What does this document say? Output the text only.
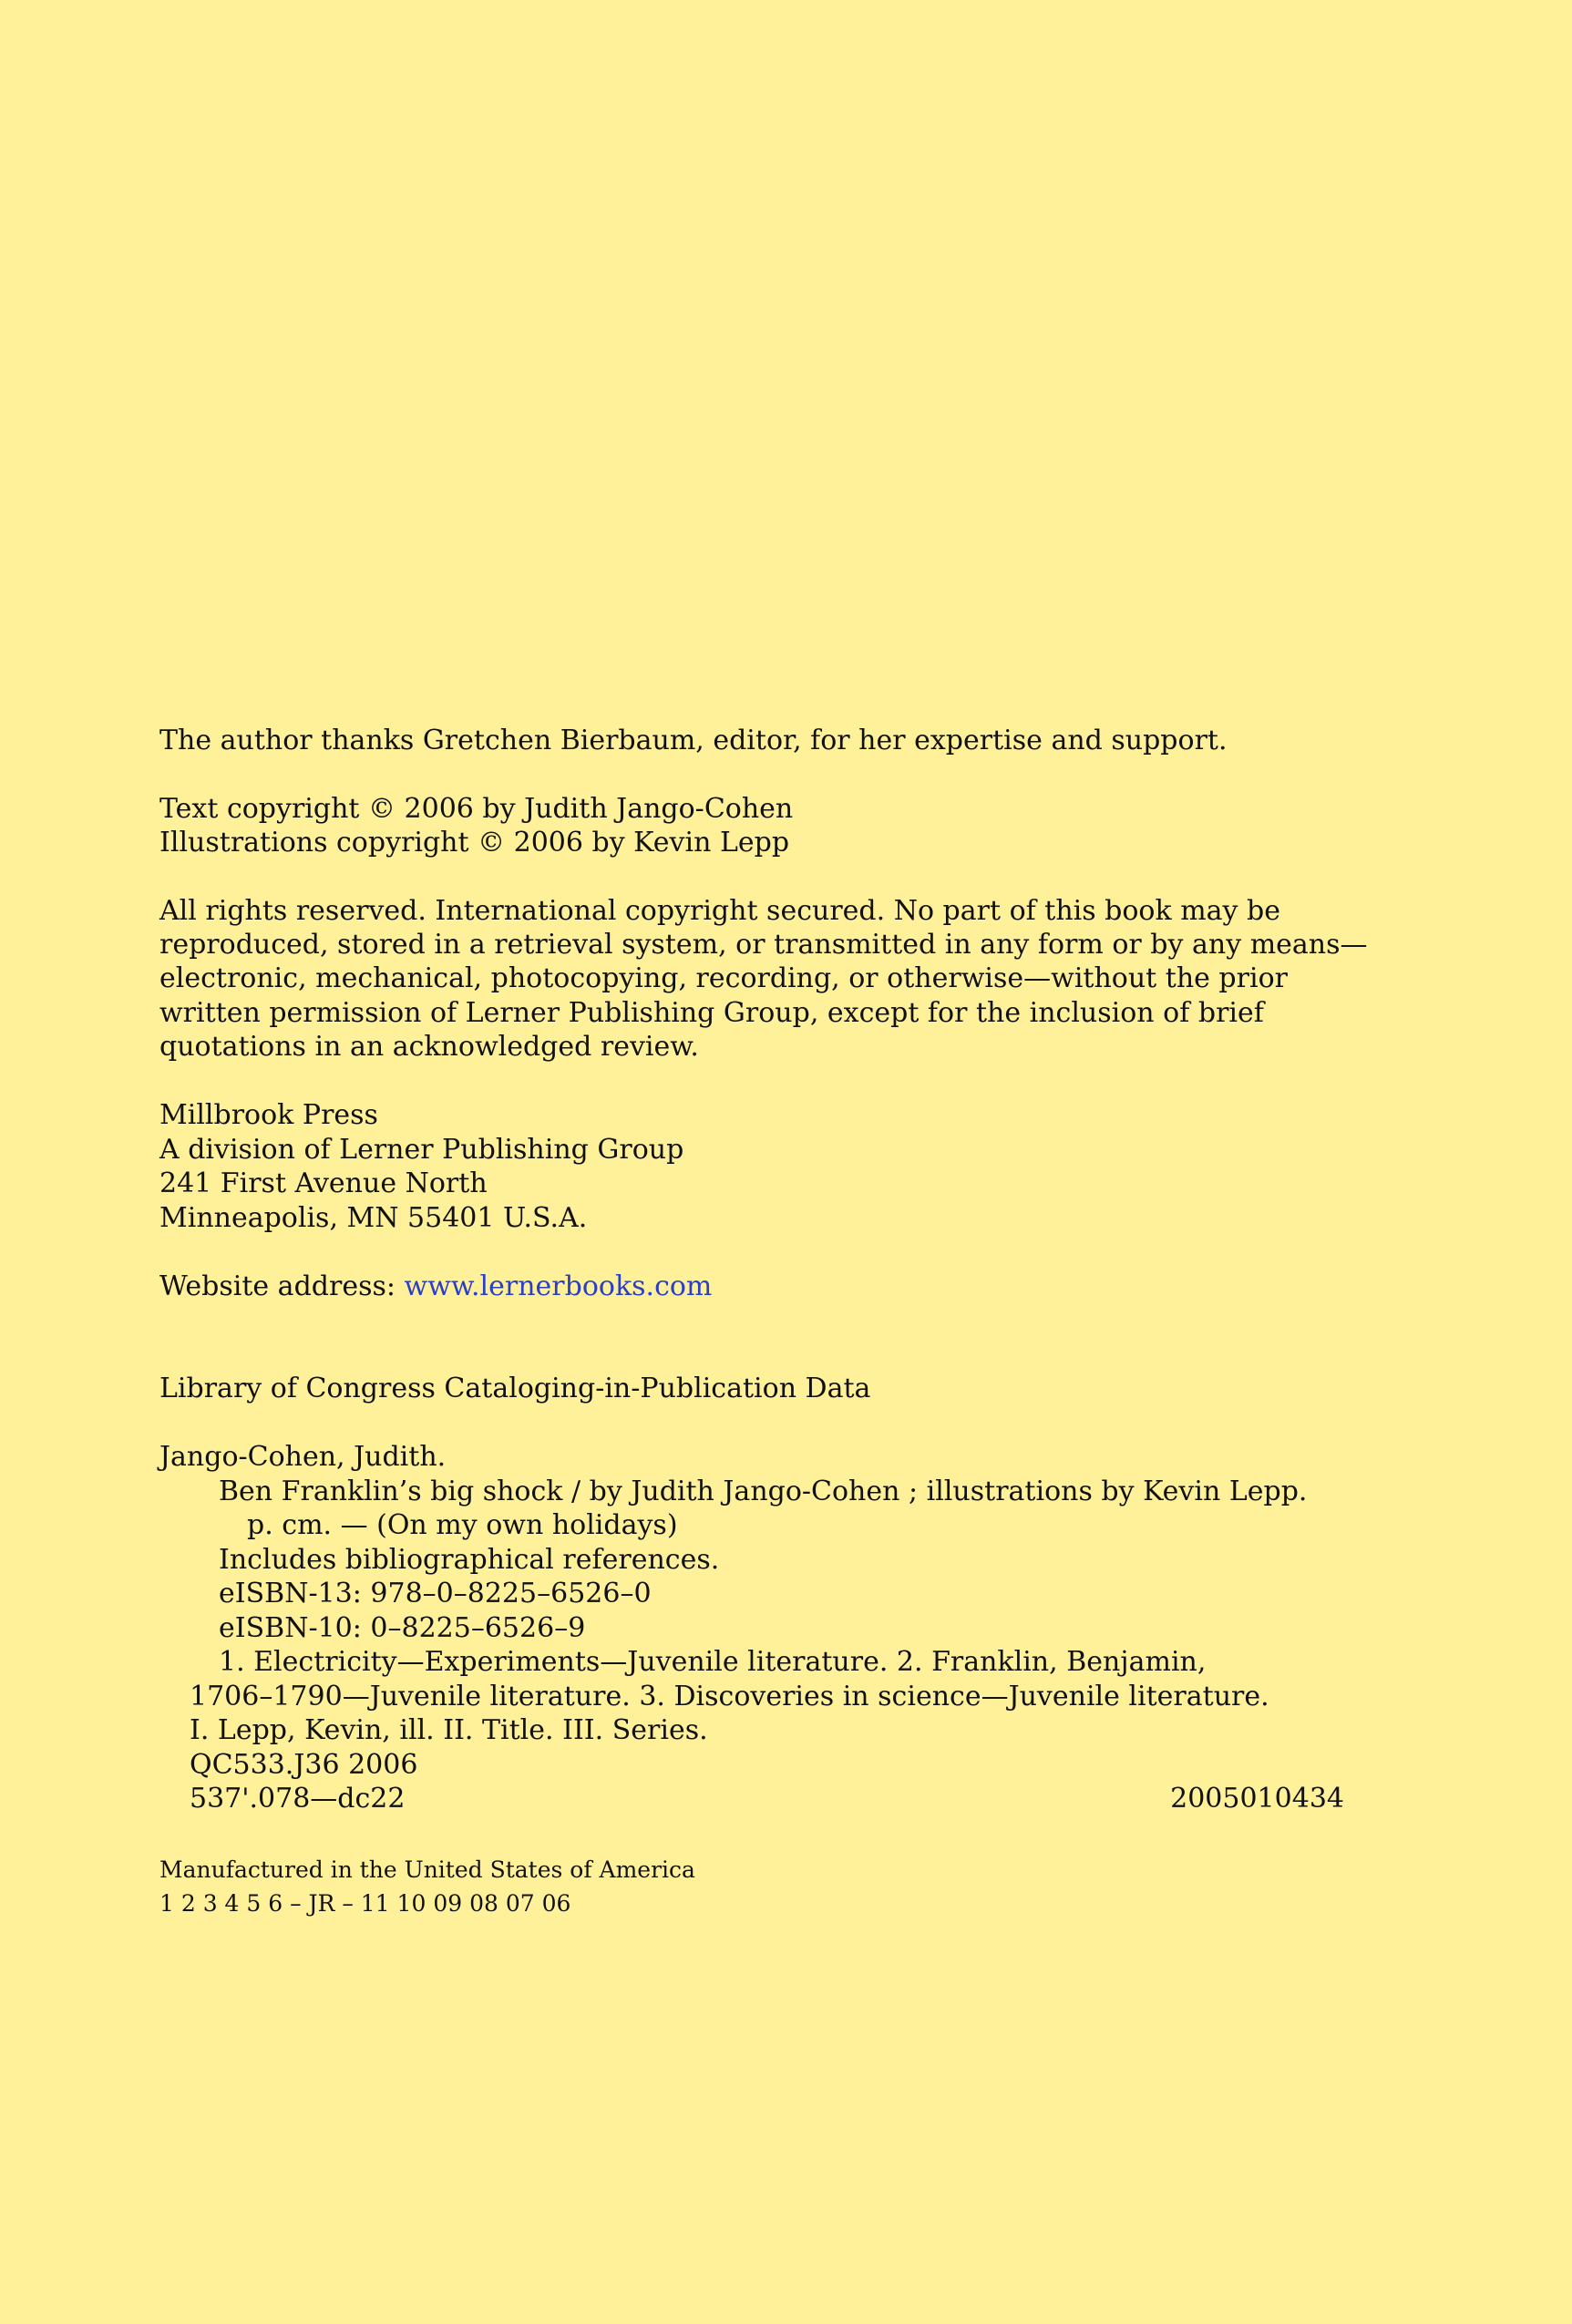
The author thanks Gretchen Bierbaum, editor, for her expertise and support.
Text copyright © 2006 by Judith Jango-Cohen
Illustrations copyright © 2006 by Kevin Lepp
All rights reserved. International copyright secured. No part of this book may be
reproduced, stored in a retrieval system, or transmitted in any form or by any means—
electronic, mechanical, photocopying, recording, or otherwise—without the prior
written permission of Lerner Publishing Group, except for the inclusion of brief
quotations in an acknowledged review.
Millbrook Press
A division of Lerner Publishing Group
241 First Avenue North
Minneapolis, MN 55401 U.S.A.
Website address: www.lernerbooks.com
Library of Congress Cataloging-in-Publication Data
Jango-Cohen, Judith.
Ben Franklin’s big shock / by Judith Jango-Cohen ; illustrations by Kevin Lepp.
p. cm. — (On my own holidays)
Includes bibliographical references.
eISBN-13: 978–0–8225–6526–0
eISBN-10: 0–8225–6526–9
1. Electricity—Experiments—Juvenile literature. 2. Franklin, Benjamin,
1706–1790—Juvenile literature. 3. Discoveries in science—Juvenile literature.
I. Lepp, Kevin, ill. II. Title. III. Series.
QC533.J36 2006
537'.078—dc22	2005010434
Manufactured in the United States of America
1 2 3 4 5 6 – JR – 11 10 09 08 07 06
